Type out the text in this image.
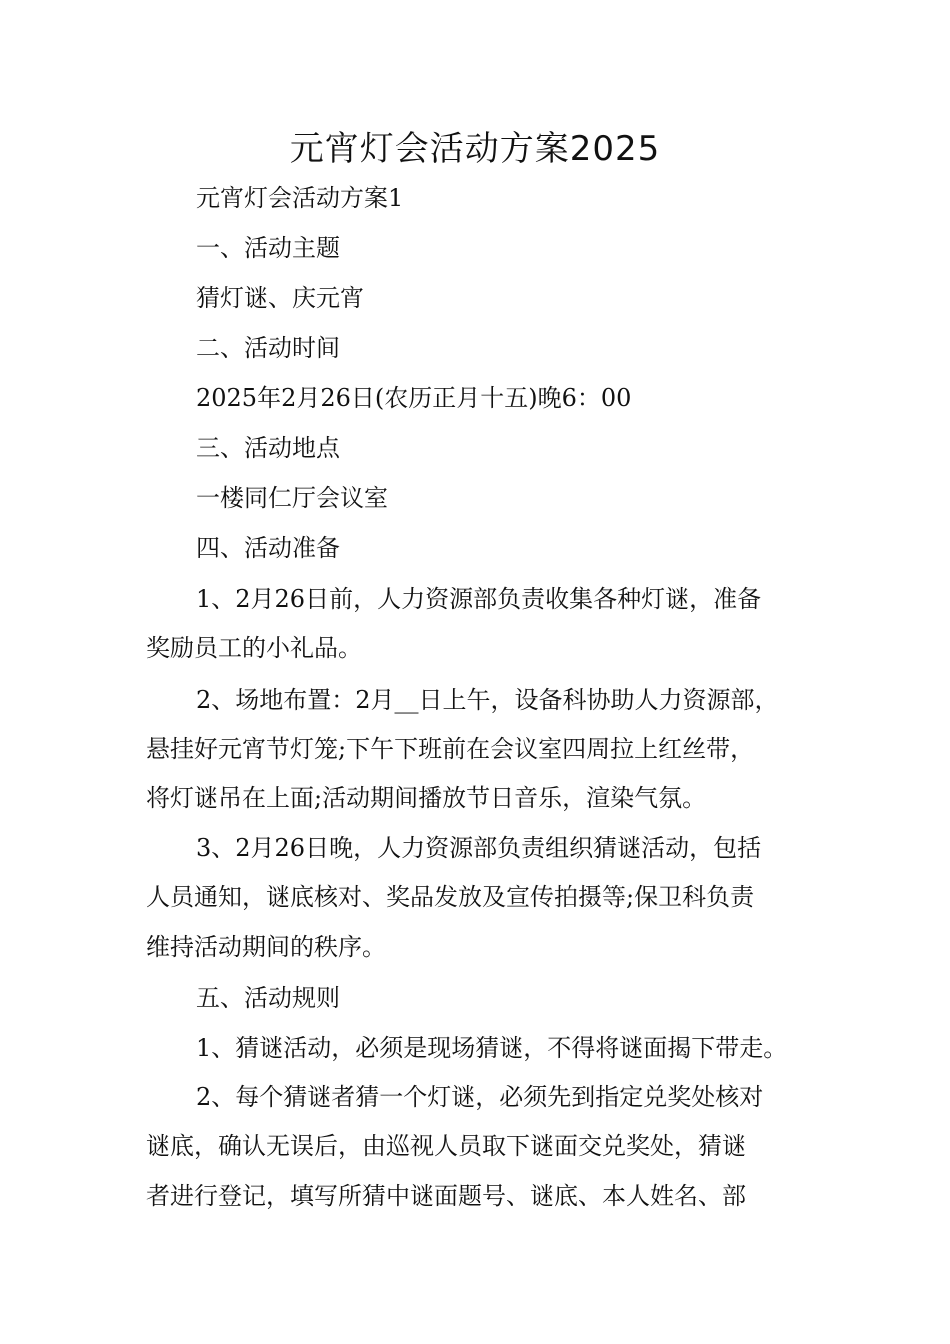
元宵灯会活动方案2025
元宵灯会活动方案1
一、活动主题
猜灯谜、庆元宵
二、活动时间
2025年2月26日(农历正月十五)晚6：00
三、活动地点
一楼同仁厅会议室
四、活动准备
1、2月26日前，人力资源部负责收集各种灯谜，准备
奖励员工的小礼品。
2、场地布置：2月__日上午，设备科协助人力资源部，
悬挂好元宵节灯笼;下午下班前在会议室四周拉上红丝带，
将灯谜吊在上面;活动期间播放节日音乐，渲染气氛。
3、2月26日晚，人力资源部负责组织猜谜活动，包括
人员通知，谜底核对、奖品发放及宣传拍摄等;保卫科负责
维持活动期间的秩序。
五、活动规则
1、猜谜活动，必须是现场猜谜，不得将谜面揭下带走。
2、每个猜谜者猜一个灯谜，必须先到指定兑奖处核对
谜底，确认无误后，由巡视人员取下谜面交兑奖处，猜谜
者进行登记，填写所猜中谜面题号、谜底、本人姓名、部
